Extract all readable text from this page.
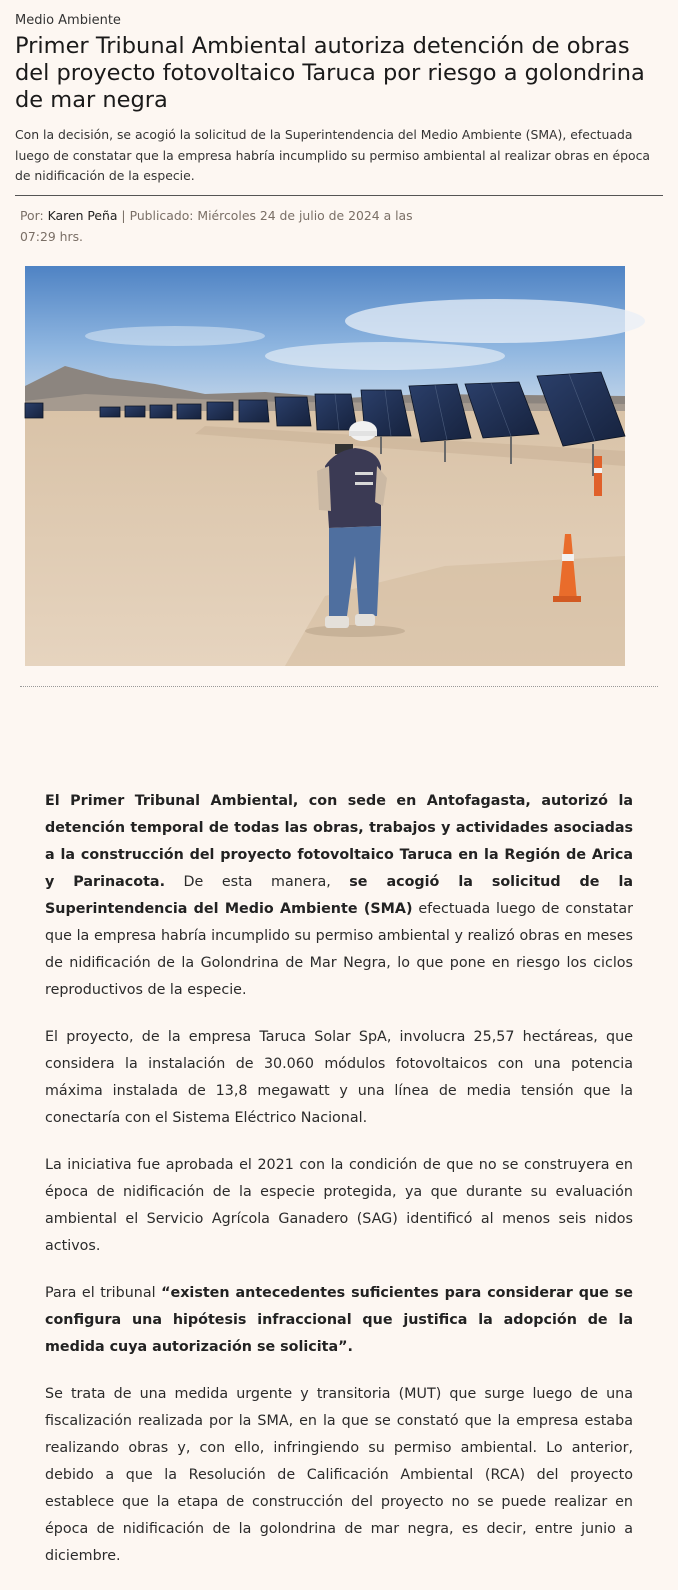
Medio Ambiente
Primer Tribunal Ambiental autoriza detención de obras del proyecto fotovoltaico Taruca por riesgo a golondrina de mar negra

Con la decisión, se acogió la solicitud de la Superintendencia del Medio Ambiente (SMA), efectuada luego de constatar que la empresa habría incumplido su permiso ambiental al realizar obras en época de nidificación de la especie.

Por: Karen Peña | Publicado: Miércoles 24 de julio de 2024 a las 07:29 hrs.

El Primer Tribunal Ambiental, con sede en Antofagasta, autorizó la detención temporal de todas las obras, trabajos y actividades asociadas a la construcción del proyecto fotovoltaico Taruca en la Región de Arica y Parinacota. De esta manera, se acogió la solicitud de la Superintendencia del Medio Ambiente (SMA) efectuada luego de constatar que la empresa habría incumplido su permiso ambiental y realizó obras en meses de nidificación de la Golondrina de Mar Negra, lo que pone en riesgo los ciclos reproductivos de la especie.

El proyecto, de la empresa Taruca Solar SpA, involucra 25,57 hectáreas, que considera la instalación de 30.060 módulos fotovoltaicos con una potencia máxima instalada de 13,8 megawatt y una línea de media tensión que la conectaría con el Sistema Eléctrico Nacional.

La iniciativa fue aprobada el 2021 con la condición de que no se construyera en época de nidificación de la especie protegida, ya que durante su evaluación ambiental el Servicio Agrícola Ganadero (SAG) identificó al menos seis nidos activos.

Para el tribunal “existen antecedentes suficientes para considerar que se configura una hipótesis infraccional que justifica la adopción de la medida cuya autorización se solicita”.

Se trata de una medida urgente y transitoria (MUT) que surge luego de una fiscalización realizada por la SMA, en la que se constató que la empresa estaba realizando obras y, con ello, infringiendo su permiso ambiental. Lo anterior, debido a que la Resolución de Calificación Ambiental (RCA) del proyecto establece que la etapa de construcción del proyecto no se puede realizar en época de nidificación de la golondrina de mar negra, es decir, entre junio a diciembre.
